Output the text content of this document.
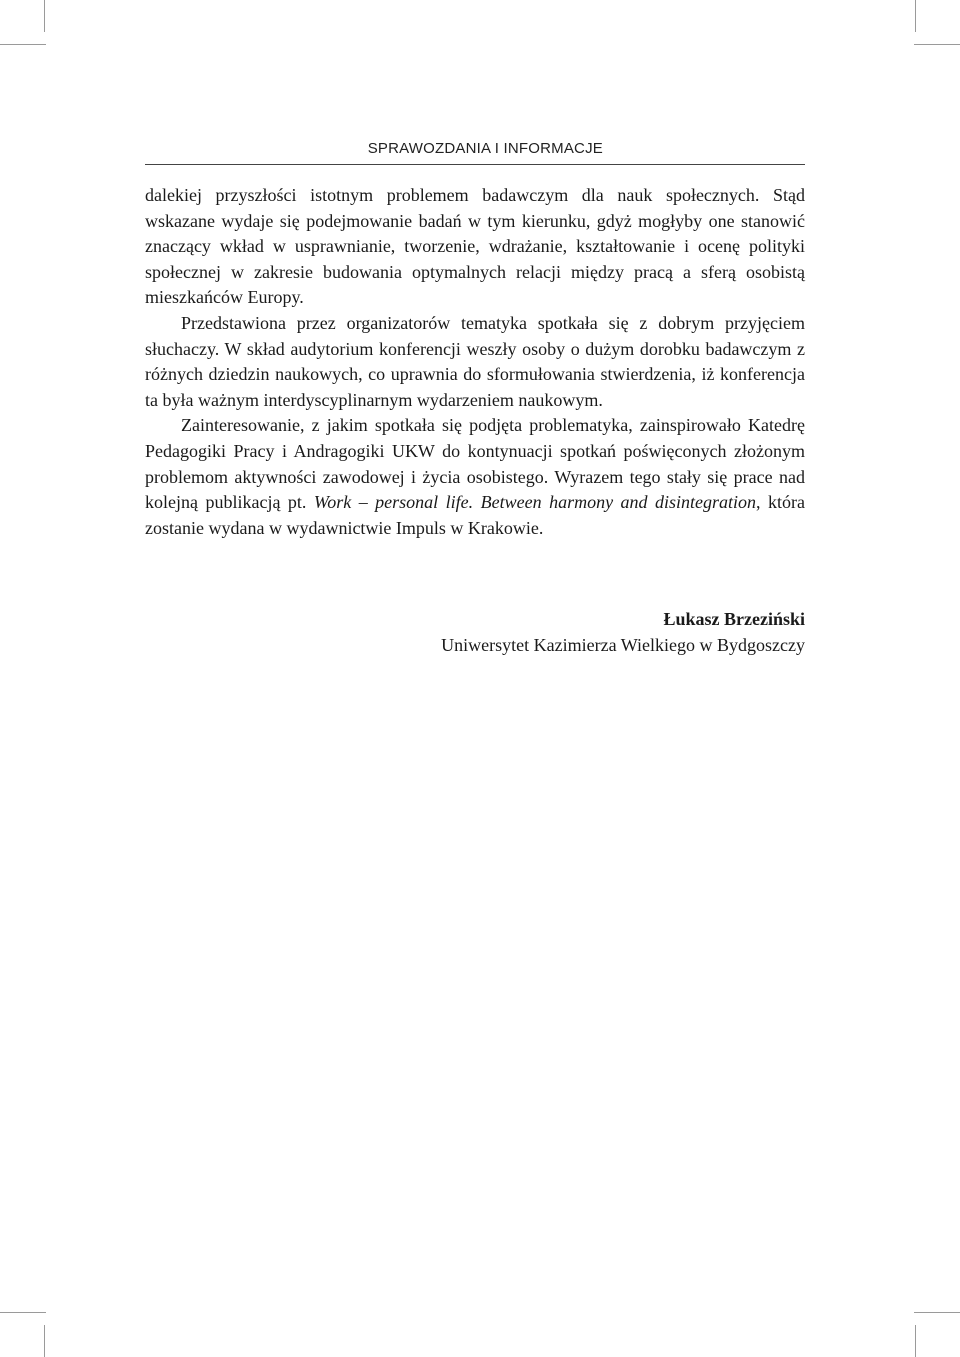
SPRAWOZDANIA I INFORMACJE

dalekiej przyszłości istotnym problemem badawczym dla nauk społecznych. Stąd wskazane wydaje się podejmowanie badań w tym kierunku, gdyż mogłyby one stanowić znaczący wkład w usprawnianie, tworzenie, wdrażanie, kształtowanie i ocenę polityki społecznej w zakresie budowania optymalnych relacji między pracą a sferą osobistą mieszkańców Europy.

Przedstawiona przez organizatorów tematyka spotkała się z dobrym przyjęciem słuchaczy. W skład audytorium konferencji weszły osoby o dużym dorobku badawczym z różnych dziedzin naukowych, co uprawnia do sformułowania stwierdzenia, iż konferencja ta była ważnym interdyscyplinarnym wydarzeniem naukowym.

Zainteresowanie, z jakim spotkała się podjęta problematyka, zainspirowało Katedrę Pedagogiki Pracy i Andragogiki UKW do kontynuacji spotkań poświęconych złożonym problemom aktywności zawodowej i życia osobistego. Wyrazem tego stały się prace nad kolejną publikacją pt. Work – personal life. Between harmony and disintegration, która zostanie wydana w wydawnictwie Impuls w Krakowie.

Łukasz Brzeziński
Uniwersytet Kazimierza Wielkiego w Bydgoszczy
